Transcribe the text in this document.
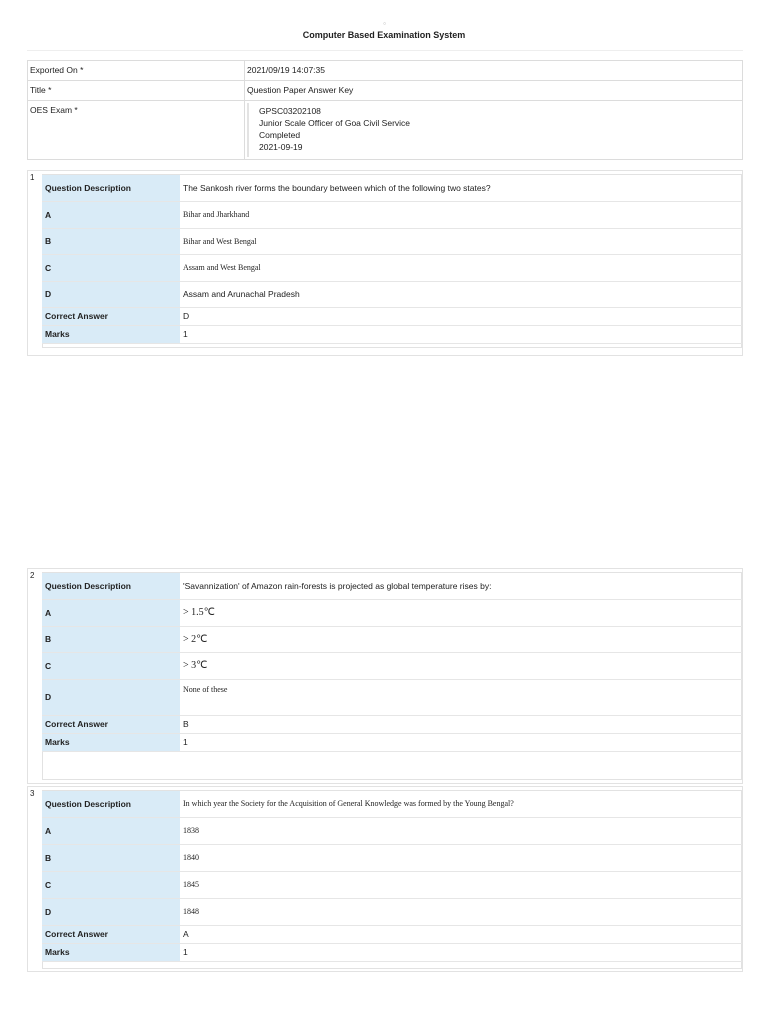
○
Computer Based Examination System
Exported On *	2021/09/19 14:07:35
Title *	Question Paper Answer Key
OES Exam *	GPSC03202108
Junior Scale Officer of Goa Civil Service
Completed
2021-09-19
1
Question Description	The Sankosh river forms the boundary between which of the following two states?
A	Bihar and Jharkhand
B	Bihar and West Bengal
C	Assam and West Bengal
D	Assam and Arunachal Pradesh
Correct Answer	D
Marks	1
2
Question Description	'Savannization' of Amazon rain-forests is projected as global temperature rises by:
A	> 1.5℃
B	> 2℃
C	> 3℃
D	None of these
Correct Answer	B
Marks	1
3
Question Description	In which year the Society for the Acquisition of General Knowledge was formed by the Young Bengal?
A	1838
B	1840
C	1845
D	1848
Correct Answer	A
Marks	1
